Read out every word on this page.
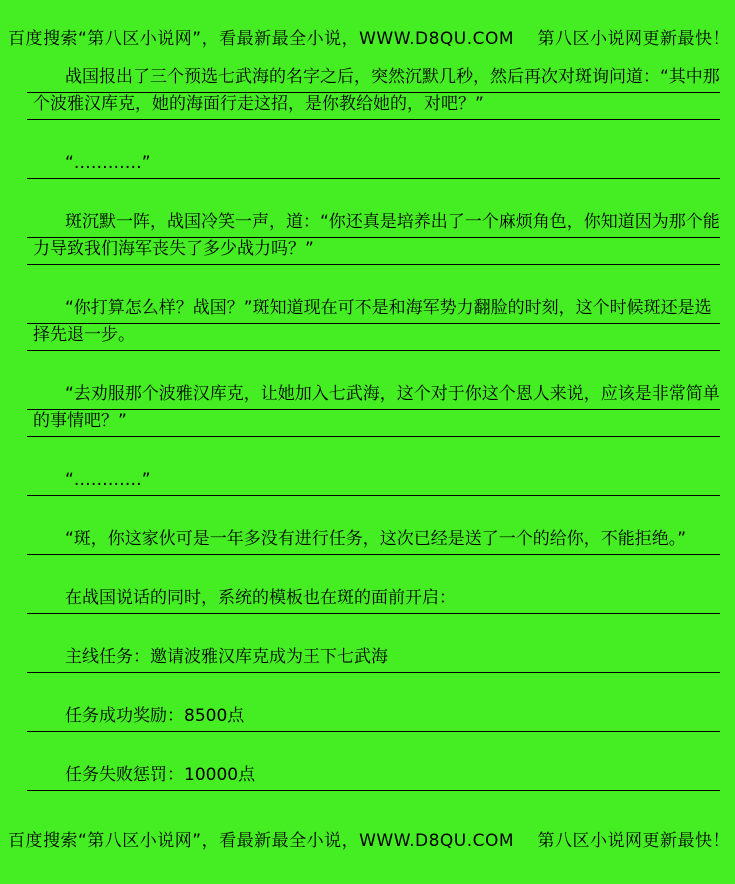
百度搜索“第八区小说网”，看最新最全小说，WWW.D8QU.COM　 第八区小说网更新最快！
战国报出了三个预选七武海的名字之后，突然沉默几秒，然后再次对斑询问道：“其中那
个波雅汉库克，她的海面行走这招，是你教给她的，对吧？”
“…………”
斑沉默一阵，战国冷笑一声，道：“你还真是培养出了一个麻烦角色，你知道因为那个能
力导致我们海军丧失了多少战力吗？”
“你打算怎么样？战国？”斑知道现在可不是和海军势力翻脸的时刻，这个时候斑还是选
择先退一步。
“去劝服那个波雅汉库克，让她加入七武海，这个对于你这个恩人来说，应该是非常简单
的事情吧？”
“…………”
“斑，你这家伙可是一年多没有进行任务，这次已经是送了一个的给你，不能拒绝。”
在战国说话的同时，系统的模板也在斑的面前开启：
主线任务：邀请波雅汉库克成为王下七武海
任务成功奖励：8500点
任务失败惩罚：10000点
百度搜索“第八区小说网”，看最新最全小说，WWW.D8QU.COM　 第八区小说网更新最快！
